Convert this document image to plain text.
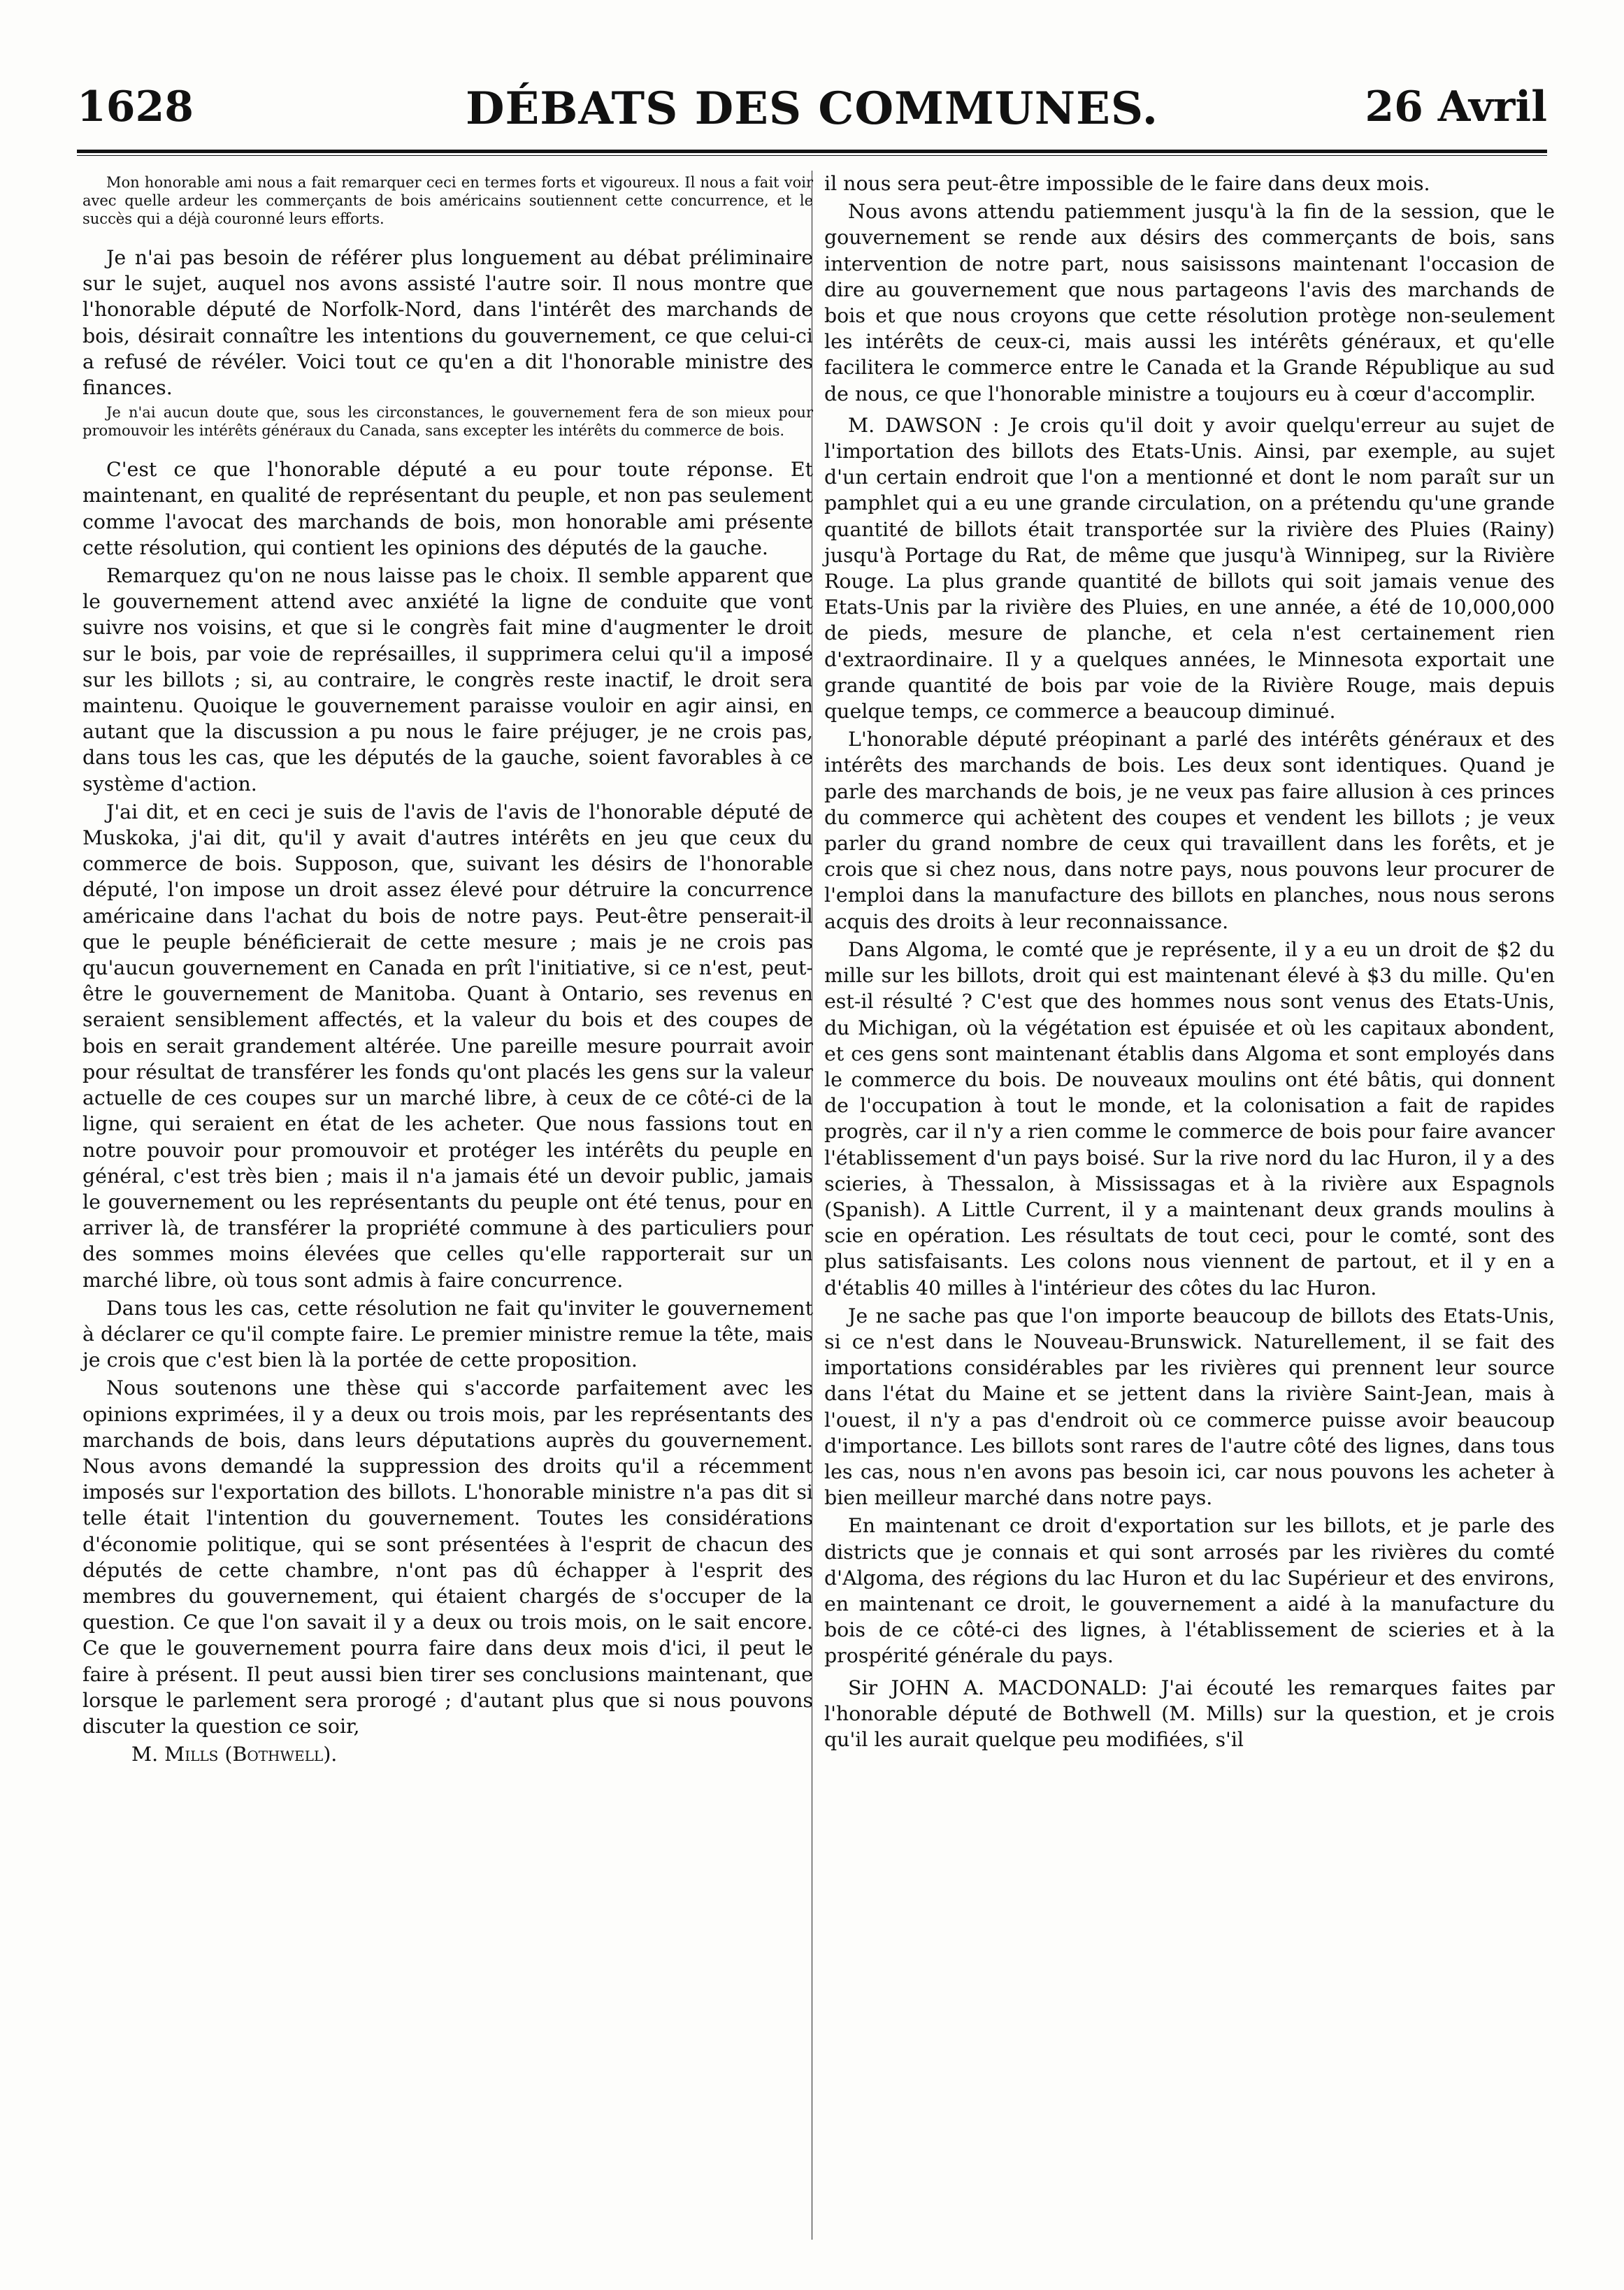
1628	DÉBATS DES COMMUNES.	26 Avril

Mon honorable ami nous a fait remarquer ceci en termes forts et vigoureux. Il nous a fait voir avec quelle ardeur les commerçants de bois américains soutiennent cette concurrence, et le succès qui a déjà couronné leurs efforts.

Je n'ai pas besoin de référer plus longuement au débat préliminaire sur le sujet, auquel nos avons assisté l'autre soir. Il nous montre que l'honorable député de Norfolk-Nord, dans l'intérêt des marchands de bois, désirait connaître les intentions du gouvernement, ce que celui-ci a refusé de révéler. Voici tout ce qu'en a dit l'honorable ministre des finances.

Je n'ai aucun doute que, sous les circonstances, le gouvernement fera de son mieux pour promouvoir les intérêts généraux du Canada, sans excepter les intérêts du commerce de bois.

C'est ce que l'honorable député a eu pour toute réponse. Et maintenant, en qualité de représentant du peuple, et non pas seulement comme l'avocat des marchands de bois, mon honorable ami présente cette résolution, qui contient les opinions des députés de la gauche.

Remarquez qu'on ne nous laisse pas le choix. Il semble apparent que le gouvernement attend avec anxiété la ligne de conduite que vont suivre nos voisins, et que si le congrès fait mine d'augmenter le droit sur le bois, par voie de représailles, il supprimera celui qu'il a imposé sur les billots ; si, au contraire, le congrès reste inactif, le droit sera maintenu. Quoique le gouvernement paraisse vouloir en agir ainsi, en autant que la discussion a pu nous le faire préjuger, je ne crois pas, dans tous les cas, que les députés de la gauche, soient favorables à ce système d'action.

J'ai dit, et en ceci je suis de l'avis de l'avis de l'honorable député de Muskoka, j'ai dit, qu'il y avait d'autres intérêts en jeu que ceux du commerce de bois. Supposon, que, suivant les désirs de l'honorable député, l'on impose un droit assez élevé pour détruire la concurrence américaine dans l'achat du bois de notre pays. Peut-être penserait-il que le peuple bénéficierait de cette mesure ; mais je ne crois pas qu'aucun gouvernement en Canada en prît l'initiative, si ce n'est, peut-être le gouvernement de Manitoba. Quant à Ontario, ses revenus en seraient sensiblement affectés, et la valeur du bois et des coupes de bois en serait grandement altérée. Une pareille mesure pourrait avoir pour résultat de transférer les fonds qu'ont placés les gens sur la valeur actuelle de ces coupes sur un marché libre, à ceux de ce côté-ci de la ligne, qui seraient en état de les acheter. Que nous fassions tout en notre pouvoir pour promouvoir et protéger les intérêts du peuple en général, c'est très bien ; mais il n'a jamais été un devoir public, jamais le gouvernement ou les représentants du peuple ont été tenus, pour en arriver là, de transférer la propriété commune à des particuliers pour des sommes moins élevées que celles qu'elle rapporterait sur un marché libre, où tous sont admis à faire concurrence.

Dans tous les cas, cette résolution ne fait qu'inviter le gouvernement à déclarer ce qu'il compte faire. Le premier ministre remue la tête, mais je crois que c'est bien là la portée de cette proposition.

Nous soutenons une thèse qui s'accorde parfaitement avec les opinions exprimées, il y a deux ou trois mois, par les représentants des marchands de bois, dans leurs députations auprès du gouvernement. Nous avons demandé la suppression des droits qu'il a récemment imposés sur l'exportation des billots. L'honorable ministre n'a pas dit si telle était l'intention du gouvernement. Toutes les considérations d'économie politique, qui se sont présentées à l'esprit de chacun des députés de cette chambre, n'ont pas dû échapper à l'esprit des membres du gouvernement, qui étaient chargés de s'occuper de la question. Ce que l'on savait il y a deux ou trois mois, on le sait encore. Ce que le gouvernement pourra faire dans deux mois d'ici, il peut le faire à présent. Il peut aussi bien tirer ses conclusions maintenant, que lorsque le parlement sera prorogé ; d'autant plus que si nous pouvons discuter la question ce soir,

M. Mills (Bothwell).

il nous sera peut-être impossible de le faire dans deux mois.

Nous avons attendu patiemment jusqu'à la fin de la session, que le gouvernement se rende aux désirs des commerçants de bois, sans intervention de notre part, nous saisissons maintenant l'occasion de dire au gouvernement que nous partageons l'avis des marchands de bois et que nous croyons que cette résolution protège non-seulement les intérêts de ceux-ci, mais aussi les intérêts généraux, et qu'elle facilitera le commerce entre le Canada et la Grande République au sud de nous, ce que l'honorable ministre a toujours eu à cœur d'accomplir.

M. DAWSON : Je crois qu'il doit y avoir quelqu'erreur au sujet de l'importation des billots des Etats-Unis. Ainsi, par exemple, au sujet d'un certain endroit que l'on a mentionné et dont le nom paraît sur un pamphlet qui a eu une grande circulation, on a prétendu qu'une grande quantité de billots était transportée sur la rivière des Pluies (Rainy) jusqu'à Portage du Rat, de même que jusqu'à Winnipeg, sur la Rivière Rouge. La plus grande quantité de billots qui soit jamais venue des Etats-Unis par la rivière des Pluies, en une année, a été de 10,000,000 de pieds, mesure de planche, et cela n'est certainement rien d'extraordinaire. Il y a quelques années, le Minnesota exportait une grande quantité de bois par voie de la Rivière Rouge, mais depuis quelque temps, ce commerce a beaucoup diminué.

L'honorable député préopinant a parlé des intérêts généraux et des intérêts des marchands de bois. Les deux sont identiques. Quand je parle des marchands de bois, je ne veux pas faire allusion à ces princes du commerce qui achètent des coupes et vendent les billots ; je veux parler du grand nombre de ceux qui travaillent dans les forêts, et je crois que si chez nous, dans notre pays, nous pouvons leur procurer de l'emploi dans la manufacture des billots en planches, nous nous serons acquis des droits à leur reconnaissance.

Dans Algoma, le comté que je représente, il y a eu un droit de $2 du mille sur les billots, droit qui est maintenant élevé à $3 du mille. Qu'en est-il résulté ? C'est que des hommes nous sont venus des Etats-Unis, du Michigan, où la végétation est épuisée et où les capitaux abondent, et ces gens sont maintenant établis dans Algoma et sont employés dans le commerce du bois. De nouveaux moulins ont été bâtis, qui donnent de l'occupation à tout le monde, et la colonisation a fait de rapides progrès, car il n'y a rien comme le commerce de bois pour faire avancer l'établissement d'un pays boisé. Sur la rive nord du lac Huron, il y a des scieries, à Thessalon, à Mississagas et à la rivière aux Espagnols (Spanish). A Little Current, il y a maintenant deux grands moulins à scie en opération. Les résultats de tout ceci, pour le comté, sont des plus satisfaisants. Les colons nous viennent de partout, et il y en a d'établis 40 milles à l'intérieur des côtes du lac Huron.

Je ne sache pas que l'on importe beaucoup de billots des Etats-Unis, si ce n'est dans le Nouveau-Brunswick. Naturellement, il se fait des importations considérables par les rivières qui prennent leur source dans l'état du Maine et se jettent dans la rivière Saint-Jean, mais à l'ouest, il n'y a pas d'endroit où ce commerce puisse avoir beaucoup d'importance. Les billots sont rares de l'autre côté des lignes, dans tous les cas, nous n'en avons pas besoin ici, car nous pouvons les acheter à bien meilleur marché dans notre pays.

En maintenant ce droit d'exportation sur les billots, et je parle des districts que je connais et qui sont arrosés par les rivières du comté d'Algoma, des régions du lac Huron et du lac Supérieur et des environs, en maintenant ce droit, le gouvernement a aidé à la manufacture du bois de ce côté-ci des lignes, à l'établissement de scieries et à la prospérité générale du pays.

Sir JOHN A. MACDONALD: J'ai écouté les remarques faites par l'honorable député de Bothwell (M. Mills) sur la question, et je crois qu'il les aurait quelque peu modifiées, s'il
